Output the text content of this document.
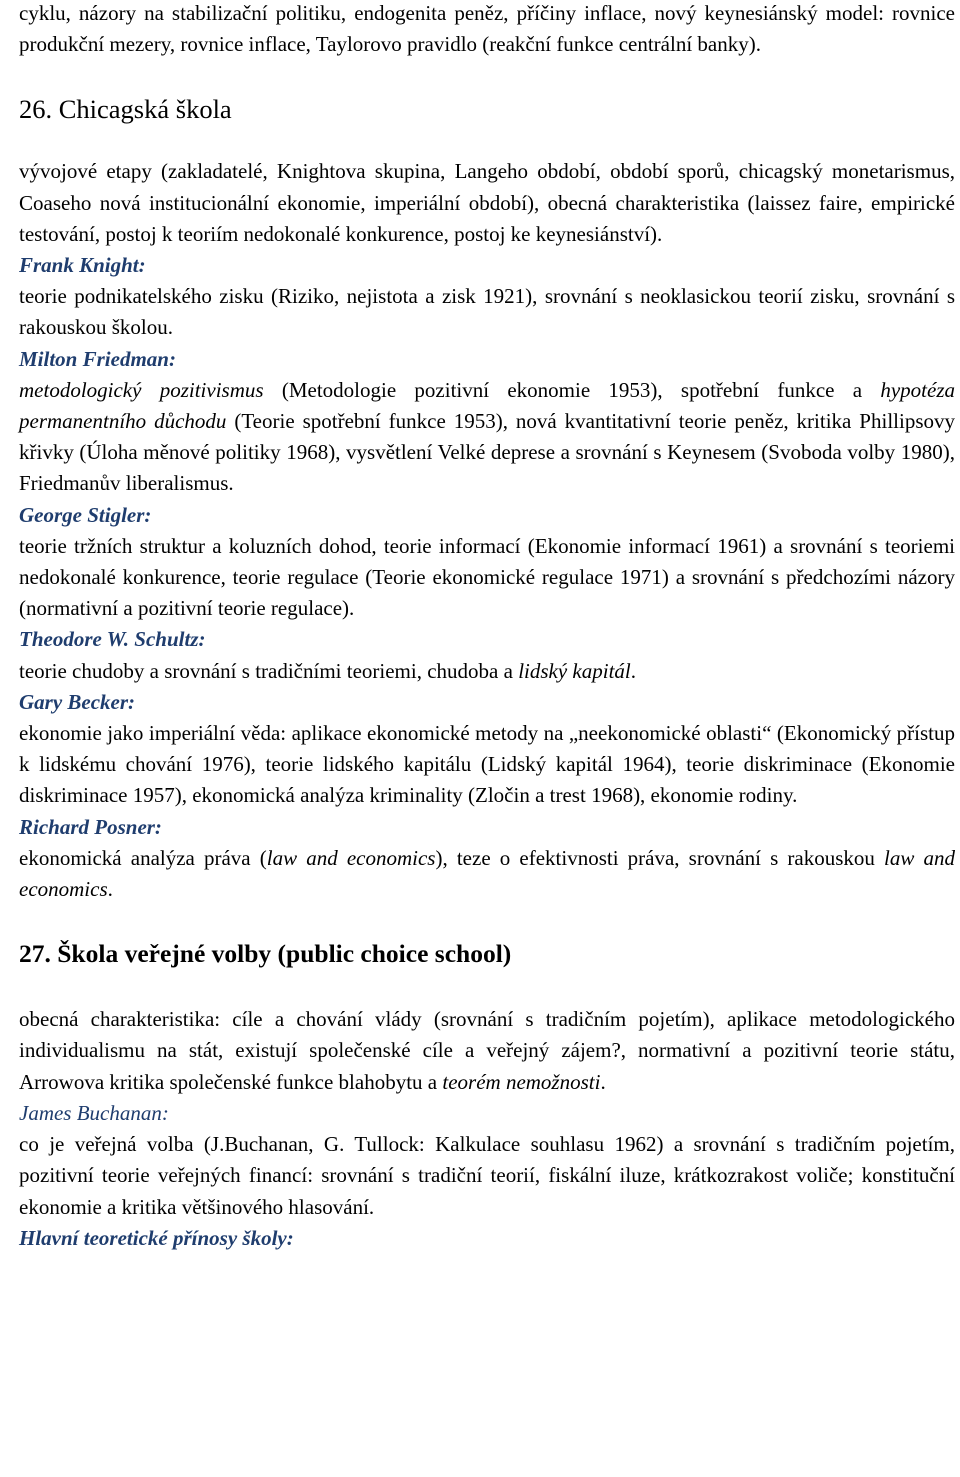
cyklu, názory na stabilizační politiku, endogenita peněz, příčiny inflace, nový keynesiánský model: rovnice produkční mezery, rovnice inflace, Taylorovo pravidlo (reakční funkce centrální banky).

26. Chicagská škola

vývojové etapy (zakladatelé, Knightova skupina, Langeho období, období sporů, chicagský monetarismus, Coaseho nová institucionální ekonomie, imperiální období), obecná charakteristika (laissez faire, empirické testování, postoj k teoriím nedokonalé konkurence, postoj ke keynesiánství).

Frank Knight:

teorie podnikatelského zisku (Riziko, nejistota a zisk 1921), srovnání s neoklasickou teorií zisku, srovnání s rakouskou školou.

Milton Friedman:

metodologický pozitivismus (Metodologie pozitivní ekonomie 1953), spotřební funkce a hypotéza permanentního důchodu (Teorie spotřební funkce 1953), nová kvantitativní teorie peněz, kritika Phillipsovy křivky (Úloha měnové politiky 1968), vysvětlení Velké deprese a srovnání s Keynesem (Svoboda volby 1980), Friedmanův liberalismus.

George Stigler:

teorie tržních struktur a koluzních dohod, teorie informací (Ekonomie informací 1961) a srovnání s teoriemi nedokonalé konkurence, teorie regulace (Teorie ekonomické regulace 1971) a srovnání s předchozími názory (normativní a pozitivní teorie regulace).

Theodore W. Schultz:

teorie chudoby a srovnání s tradičními teoriemi, chudoba a lidský kapitál.

Gary Becker:

ekonomie jako imperiální věda: aplikace ekonomické metody na „neekonomické oblasti“ (Ekonomický přístup k lidskému chování 1976), teorie lidského kapitálu (Lidský kapitál 1964), teorie diskriminace (Ekonomie diskriminace 1957), ekonomická analýza kriminality (Zločin a trest 1968), ekonomie rodiny.

Richard Posner:

ekonomická analýza práva (law and economics), teze o efektivnosti práva, srovnání s rakouskou law and economics.

27. Škola veřejné volby (public choice school)

obecná charakteristika: cíle a chování vlády (srovnání s tradičním pojetím), aplikace metodologického individualismu na stát, existují společenské cíle a veřejný zájem?, normativní a pozitivní teorie státu, Arrowova kritika společenské funkce blahobytu a teorém nemožnosti.

James Buchanan:

co je veřejná volba (J.Buchanan, G. Tullock: Kalkulace souhlasu 1962) a srovnání s tradičním pojetím, pozitivní teorie veřejných financí: srovnání s tradiční teorií, fiskální iluze, krátkozrakost voliče; konstituční ekonomie a kritika většinového hlasování.

Hlavní teoretické přínosy školy:
